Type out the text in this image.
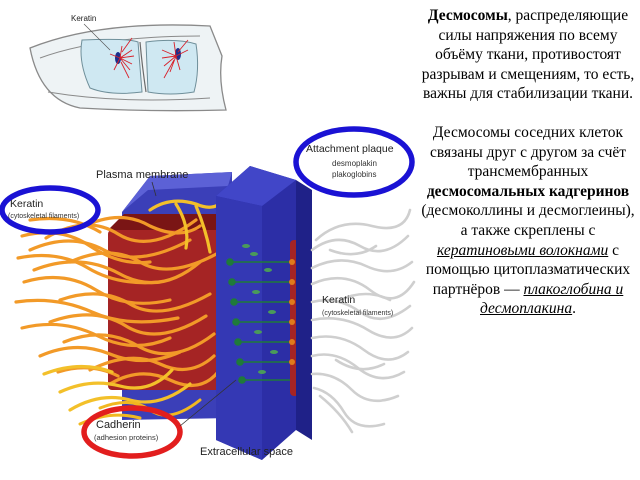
Keratin
Plasma membrane
Attachment plaque
desmoplakin
plakoglobins
Keratin
(cytoskeletal filaments)
Keratin
(cytoskeletal filaments)
Cadherin
(adhesion proteins)
Extracellular space

Десмосомы, распределяющие силы напряжения по всему объёму ткани, противостоят разрывам и смещениям, то есть, важны для стабилизации ткани.

Десмосомы соседних клеток связаны друг с другом за счёт трансмембранных десмосомальных кадгеринов (десмоколлины и десмоглеины), а также скреплены с кератиновыми волокнами с помощью цитоплазматических партнёров — плакоглобина и десмоплакина.
